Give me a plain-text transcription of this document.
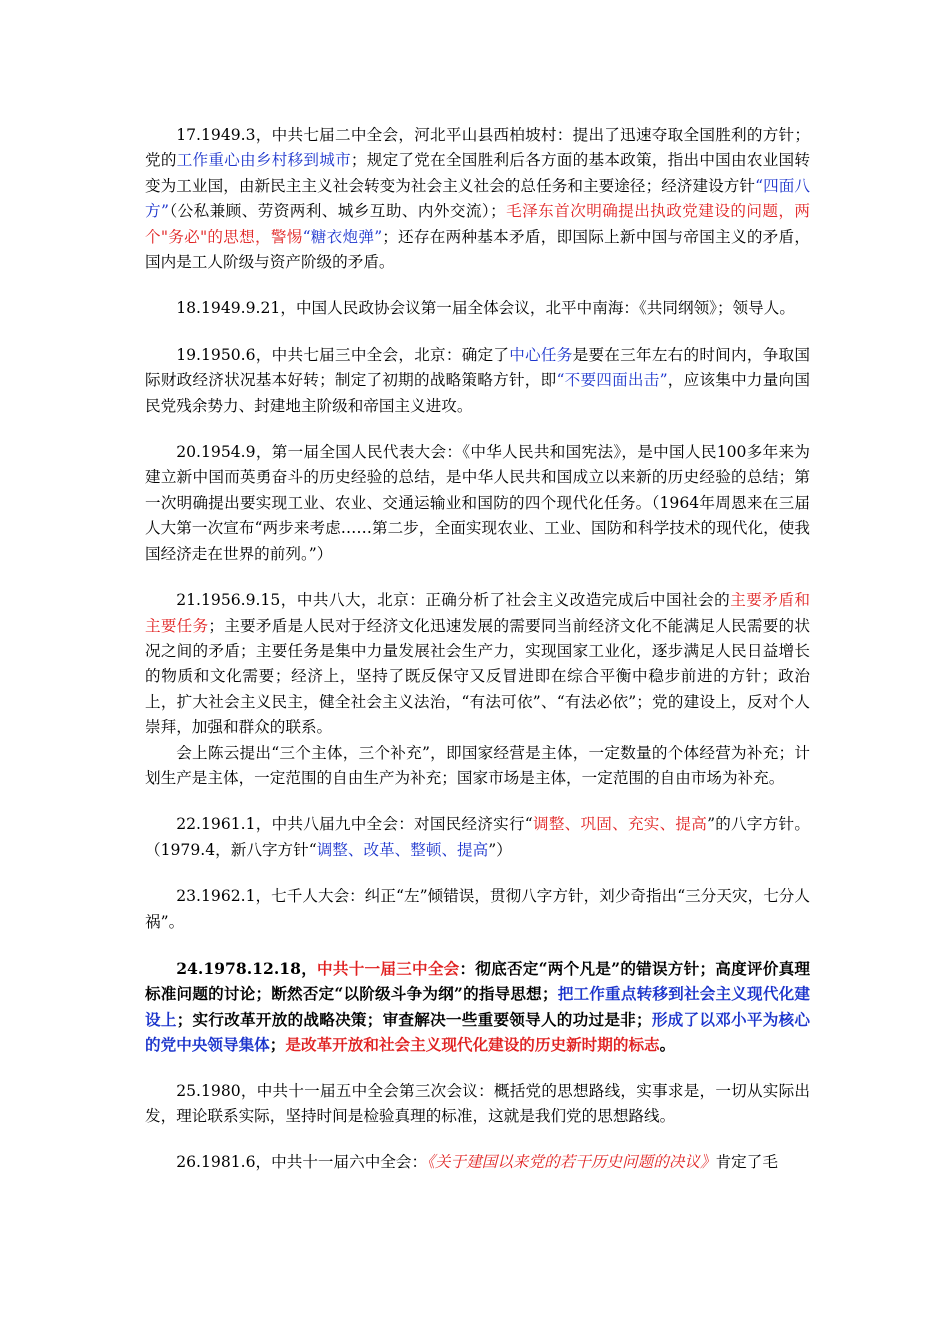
17.1949.3，中共七届二中全会，河北平山县西柏坡村：提出了迅速夺取全国胜利的方针；党的工作重心由乡村移到城市；规定了党在全国胜利后各方面的基本政策，指出中国由农业国转变为工业国，由新民主主义社会转变为社会主义社会的总任务和主要途径；经济建设方针“四面八方”（公私兼顾、劳资两利、城乡互助、内外交流）；毛泽东首次明确提出执政党建设的问题，两个"务必"的思想，警惕“糖衣炮弹”；还存在两种基本矛盾，即国际上新中国与帝国主义的矛盾，国内是工人阶级与资产阶级的矛盾。

18.1949.9.21，中国人民政协会议第一届全体会议，北平中南海：《共同纲领》；领导人。

19.1950.6，中共七届三中全会，北京：确定了中心任务是要在三年左右的时间内，争取国际财政经济状况基本好转；制定了初期的战略策略方针，即“不要四面出击”，应该集中力量向国民党残余势力、封建地主阶级和帝国主义进攻。

20.1954.9，第一届全国人民代表大会：《中华人民共和国宪法》，是中国人民100多年来为建立新中国而英勇奋斗的历史经验的总结，是中华人民共和国成立以来新的历史经验的总结；第一次明确提出要实现工业、农业、交通运输业和国防的四个现代化任务。（1964年周恩来在三届人大第一次宣布“两步来考虑……第二步，全面实现农业、工业、国防和科学技术的现代化，使我国经济走在世界的前列。”）

21.1956.9.15，中共八大，北京：正确分析了社会主义改造完成后中国社会的主要矛盾和主要任务；主要矛盾是人民对于经济文化迅速发展的需要同当前经济文化不能满足人民需要的状况之间的矛盾；主要任务是集中力量发展社会生产力，实现国家工业化，逐步满足人民日益增长的物质和文化需要；经济上，坚持了既反保守又反冒进即在综合平衡中稳步前进的方针；政治上，扩大社会主义民主，健全社会主义法治，“有法可依”、“有法必依”；党的建设上，反对个人崇拜，加强和群众的联系。

会上陈云提出“三个主体，三个补充”，即国家经营是主体，一定数量的个体经营为补充；计划生产是主体，一定范围的自由生产为补充；国家市场是主体，一定范围的自由市场为补充。

22.1961.1，中共八届九中全会：对国民经济实行“调整、巩固、充实、提高”的八字方针。（1979.4，新八字方针“调整、改革、整顿、提高”）

23.1962.1，七千人大会：纠正“左”倾错误，贯彻八字方针，刘少奇指出“三分天灾，七分人祸”。

24.1978.12.18，中共十一届三中全会：彻底否定“两个凡是”的错误方针；高度评价真理标准问题的讨论；断然否定“以阶级斗争为纲”的指导思想；把工作重点转移到社会主义现代化建设上；实行改革开放的战略决策；审查解决一些重要领导人的功过是非；形成了以邓小平为核心的党中央领导集体；是改革开放和社会主义现代化建设的历史新时期的标志。

25.1980，中共十一届五中全会第三次会议：概括党的思想路线，实事求是，一切从实际出发，理论联系实际，坚持时间是检验真理的标准，这就是我们党的思想路线。

26.1981.6，中共十一届六中全会：《关于建国以来党的若干历史问题的决议》肯定了毛
